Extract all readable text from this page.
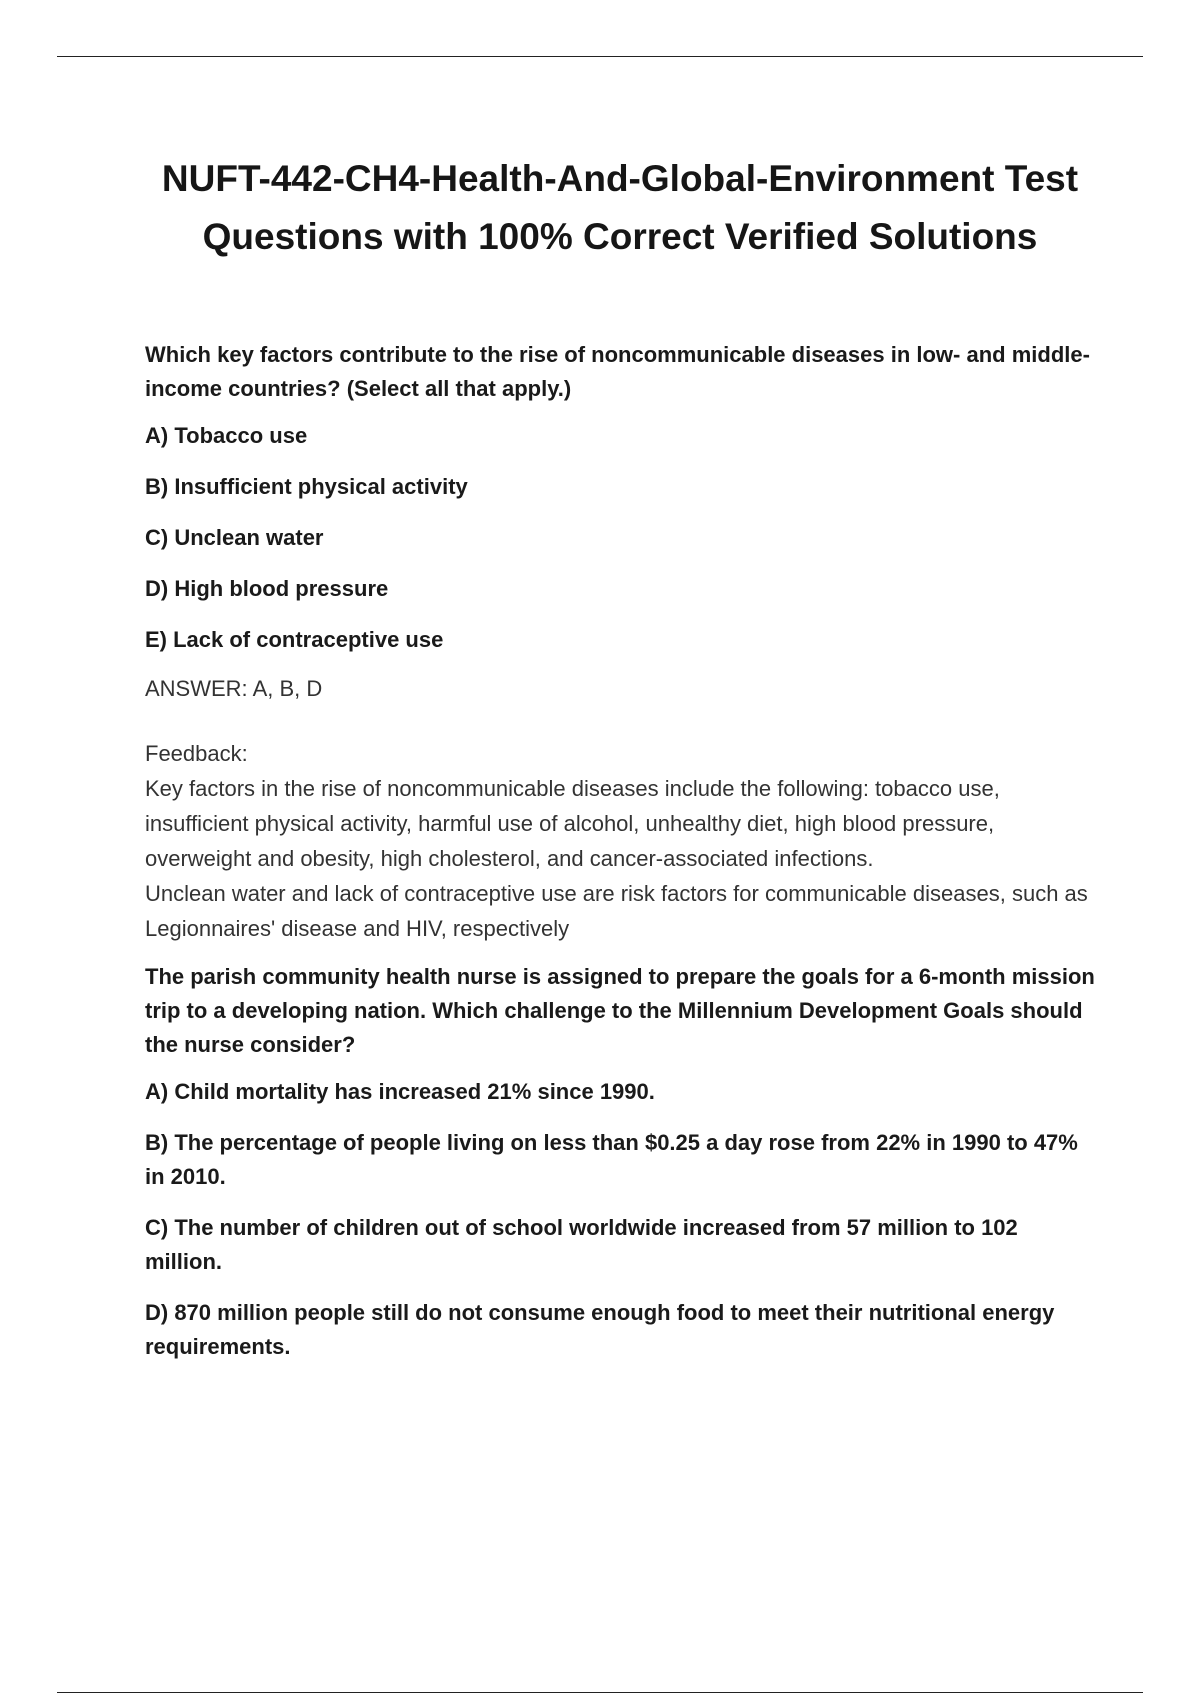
NUFT-442-CH4-Health-And-Global-Environment Test Questions with 100% Correct Verified Solutions

Which key factors contribute to the rise of noncommunicable diseases in low- and middle-income countries? (Select all that apply.)

A) Tobacco use

B) Insufficient physical activity

C) Unclean water

D) High blood pressure

E) Lack of contraceptive use

ANSWER: A, B, D

Feedback:
Key factors in the rise of noncommunicable diseases include the following: tobacco use, insufficient physical activity, harmful use of alcohol, unhealthy diet, high blood pressure, overweight and obesity, high cholesterol, and cancer-associated infections.
Unclean water and lack of contraceptive use are risk factors for communicable diseases, such as Legionnaires' disease and HIV, respectively

The parish community health nurse is assigned to prepare the goals for a 6-month mission trip to a developing nation. Which challenge to the Millennium Development Goals should the nurse consider?

A) Child mortality has increased 21% since 1990.

B) The percentage of people living on less than $0.25 a day rose from 22% in 1990 to 47% in 2010.

C) The number of children out of school worldwide increased from 57 million to 102 million.

D) 870 million people still do not consume enough food to meet their nutritional energy requirements.
